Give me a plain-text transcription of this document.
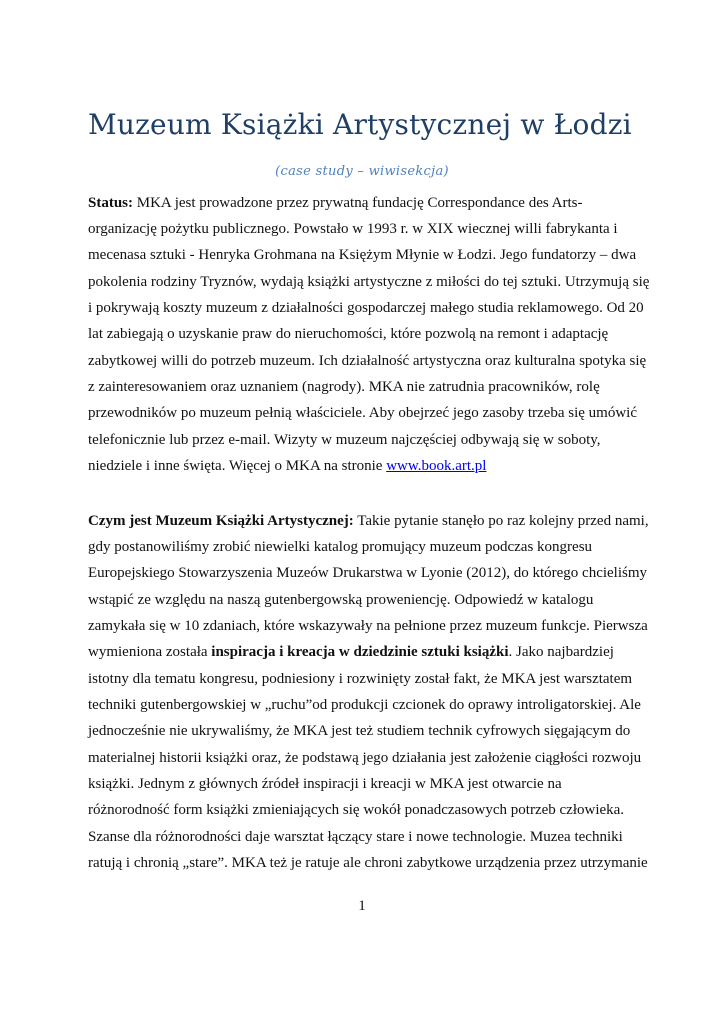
Muzeum Książki Artystycznej w Łodzi
(case study – wiwisekcja)
Status: MKA jest prowadzone przez prywatną fundację Correspondance des Arts-
organizację pożytku publicznego. Powstało w 1993 r. w XIX wiecznej willi fabrykanta i
mecenasa sztuki - Henryka Grohmana na Księżym Młynie w Łodzi. Jego fundatorzy – dwa
pokolenia rodziny Tryznów, wydają książki artystyczne z miłości do tej sztuki. Utrzymują się
i pokrywają koszty muzeum z działalności gospodarczej małego studia reklamowego. Od 20
lat zabiegają o uzyskanie praw do nieruchomości, które pozwolą na remont i adaptację
zabytkowej willi do potrzeb muzeum. Ich działalność artystyczna oraz kulturalna spotyka się
z zainteresowaniem oraz uznaniem (nagrody). MKA nie zatrudnia pracowników, rolę
przewodników po muzeum pełnią właściciele. Aby obejrzeć jego zasoby trzeba się umówić
telefonicznie lub przez e-mail. Wizyty w muzeum najczęściej odbywają się w soboty,
niedziele i inne święta. Więcej o MKA na stronie www.book.art.pl
Czym jest Muzeum Książki Artystycznej: Takie pytanie stanęło po raz kolejny przed nami,
gdy postanowiliśmy zrobić niewielki katalog promujący muzeum podczas kongresu
Europejskiego Stowarzyszenia Muzeów Drukarstwa w Lyonie (2012), do którego chcieliśmy
wstąpić ze względu na naszą gutenbergowską proweniencję. Odpowiedź w katalogu
zamykała się w 10 zdaniach, które wskazywały na pełnione przez muzeum funkcje. Pierwsza
wymieniona została inspiracja i kreacja w dziedzinie sztuki książki. Jako najbardziej
istotny dla tematu kongresu, podniesiony i rozwinięty został fakt, że MKA jest warsztatem
techniki gutenbergowskiej w „ruchu”od produkcji czcionek do oprawy introligatorskiej. Ale
jednocześnie nie ukrywaliśmy, że MKA jest też studiem technik cyfrowych sięgającym do
materialnej historii książki oraz, że podstawą jego działania jest założenie ciągłości rozwoju
książki. Jednym z głównych źródeł inspiracji i kreacji w MKA jest otwarcie na
różnorodność form książki zmieniających się wokół ponadczasowych potrzeb człowieka.
Szanse dla różnorodności daje warsztat łączący stare i nowe technologie. Muzea techniki
ratują i chronią „stare”. MKA też je ratuje ale chroni zabytkowe urządzenia przez utrzymanie
1
